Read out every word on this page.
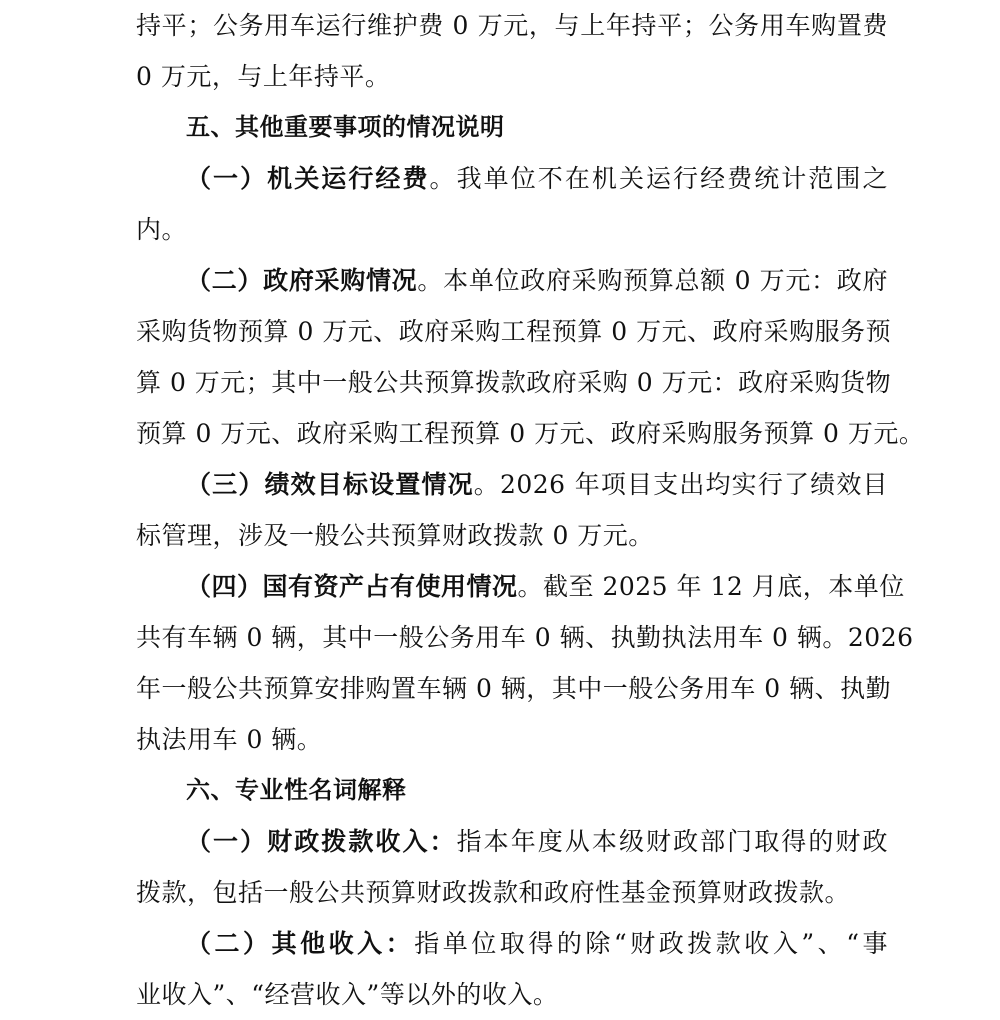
持平；公务用车运行维护费 0 万元，与上年持平；公务用车购置费
0 万元，与上年持平。
五、其他重要事项的情况说明
（一）机关运行经费。我单位不在机关运行经费统计范围之
内。
（二）政府采购情况。本单位政府采购预算总额 0 万元：政府
采购货物预算 0 万元、政府采购工程预算 0 万元、政府采购服务预
算 0 万元；其中一般公共预算拨款政府采购 0 万元：政府采购货物
预算 0 万元、政府采购工程预算 0 万元、政府采购服务预算 0 万元。
（三）绩效目标设置情况。2026 年项目支出均实行了绩效目
标管理，涉及一般公共预算财政拨款 0 万元。
（四）国有资产占有使用情况。截至 2025 年 12 月底，本单位
共有车辆 0 辆，其中一般公务用车 0 辆、执勤执法用车 0 辆。2026
年一般公共预算安排购置车辆 0 辆，其中一般公务用车 0 辆、执勤
执法用车 0 辆。
六、专业性名词解释
（一）财政拨款收入：指本年度从本级财政部门取得的财政
拨款，包括一般公共预算财政拨款和政府性基金预算财政拨款。
（二）其他收入：指单位取得的除“财政拨款收入”、“事
业收入”、“经营收入”等以外的收入。
